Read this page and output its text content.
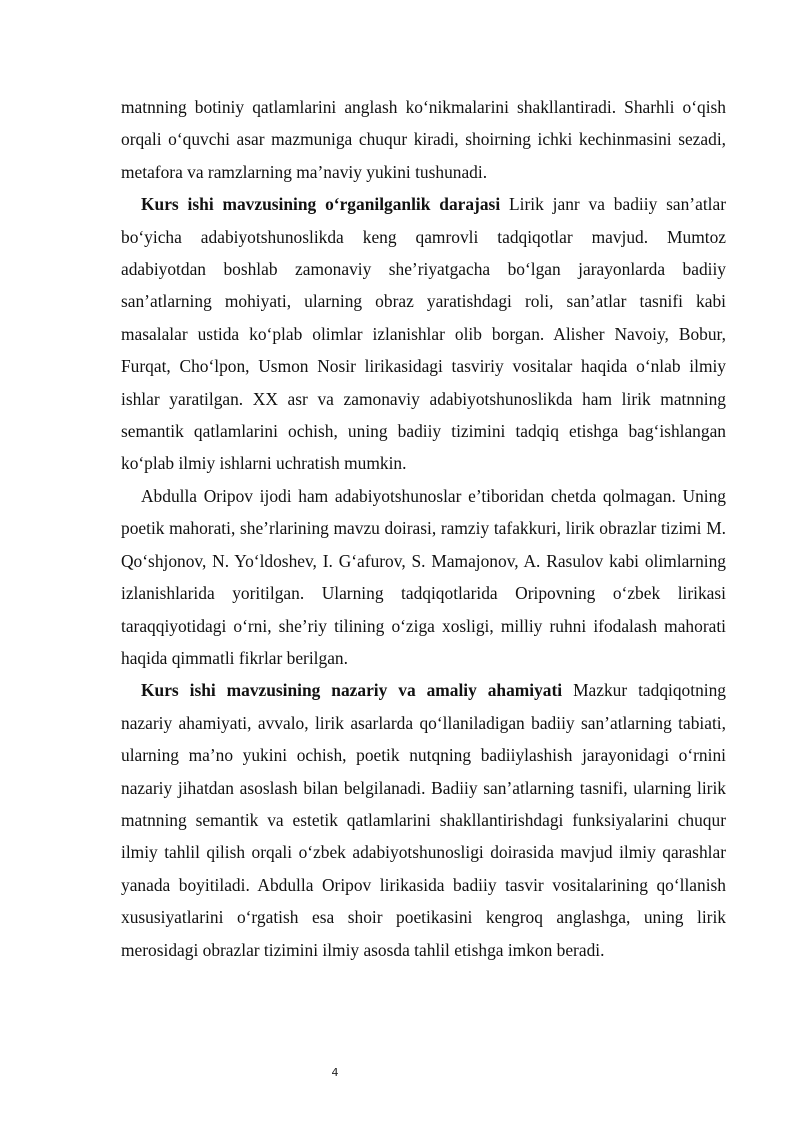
matnning botiniy qatlamlarini anglash ko‘nikmalarini shakllantiradi. Sharhli o‘qish orqali o‘quvchi asar mazmuniga chuqur kiradi, shoirning ichki kechinmasini sezadi, metafora va ramzlarning ma’naviy yukini tushunadi.

Kurs ishi mavzusining o‘rganilganlik darajasi Lirik janr va badiiy san’atlar bo‘yicha adabiyotshunoslikda keng qamrovli tadqiqotlar mavjud. Mumtoz adabiyotdan boshlab zamonaviy she’riyatgacha bo‘lgan jarayonlarda badiiy san’atlarning mohiyati, ularning obraz yaratishdagi roli, san’atlar tasnifi kabi masalalar ustida ko‘plab olimlar izlanishlar olib borgan. Alisher Navoiy, Bobur, Furqat, Cho‘lpon, Usmon Nosir lirikasidagi tasviriy vositalar haqida o‘nlab ilmiy ishlar yaratilgan. XX asr va zamonaviy adabiyotshunoslikda ham lirik matnning semantik qatlamlarini ochish, uning badiiy tizimini tadqiq etishga bag‘ishlangan ko‘plab ilmiy ishlarni uchratish mumkin.

Abdulla Oripov ijodi ham adabiyotshunoslar e’tiboridan chetda qolmagan. Uning poetik mahorati, she’rlarining mavzu doirasi, ramziy tafakkuri, lirik obrazlar tizimi M. Qo‘shjonov, N. Yo‘ldoshev, I. G‘afurov, S. Mamajonov, A. Rasulov kabi olimlarning izlanishlarida yoritilgan. Ularning tadqiqotlarida Oripovning o‘zbek lirikasi taraqqiyotidagi o‘rni, she’riy tilining o‘ziga xosligi, milliy ruhni ifodalash mahorati haqida qimmatli fikrlar berilgan.

Kurs ishi mavzusining nazariy va amaliy ahamiyati Mazkur tadqiqotning nazariy ahamiyati, avvalo, lirik asarlarda qo‘llaniladigan badiiy san’atlarning tabiati, ularning ma’no yukini ochish, poetik nutqning badiiylashish jarayonidagi o‘rnini nazariy jihatdan asoslash bilan belgilanadi. Badiiy san’atlarning tasnifi, ularning lirik matnning semantik va estetik qatlamlarini shakllantirishdagi funksiyalarini chuqur ilmiy tahlil qilish orqali o‘zbek adabiyotshunosligi doirasida mavjud ilmiy qarashlar yanada boyitiladi. Abdulla Oripov lirikasida badiiy tasvir vositalarining qo‘llanish xususiyatlarini o‘rgatish esa shoir poetikasini kengroq anglashga, uning lirik merosidagi obrazlar tizimini ilmiy asosda tahlil etishga imkon beradi.

4
